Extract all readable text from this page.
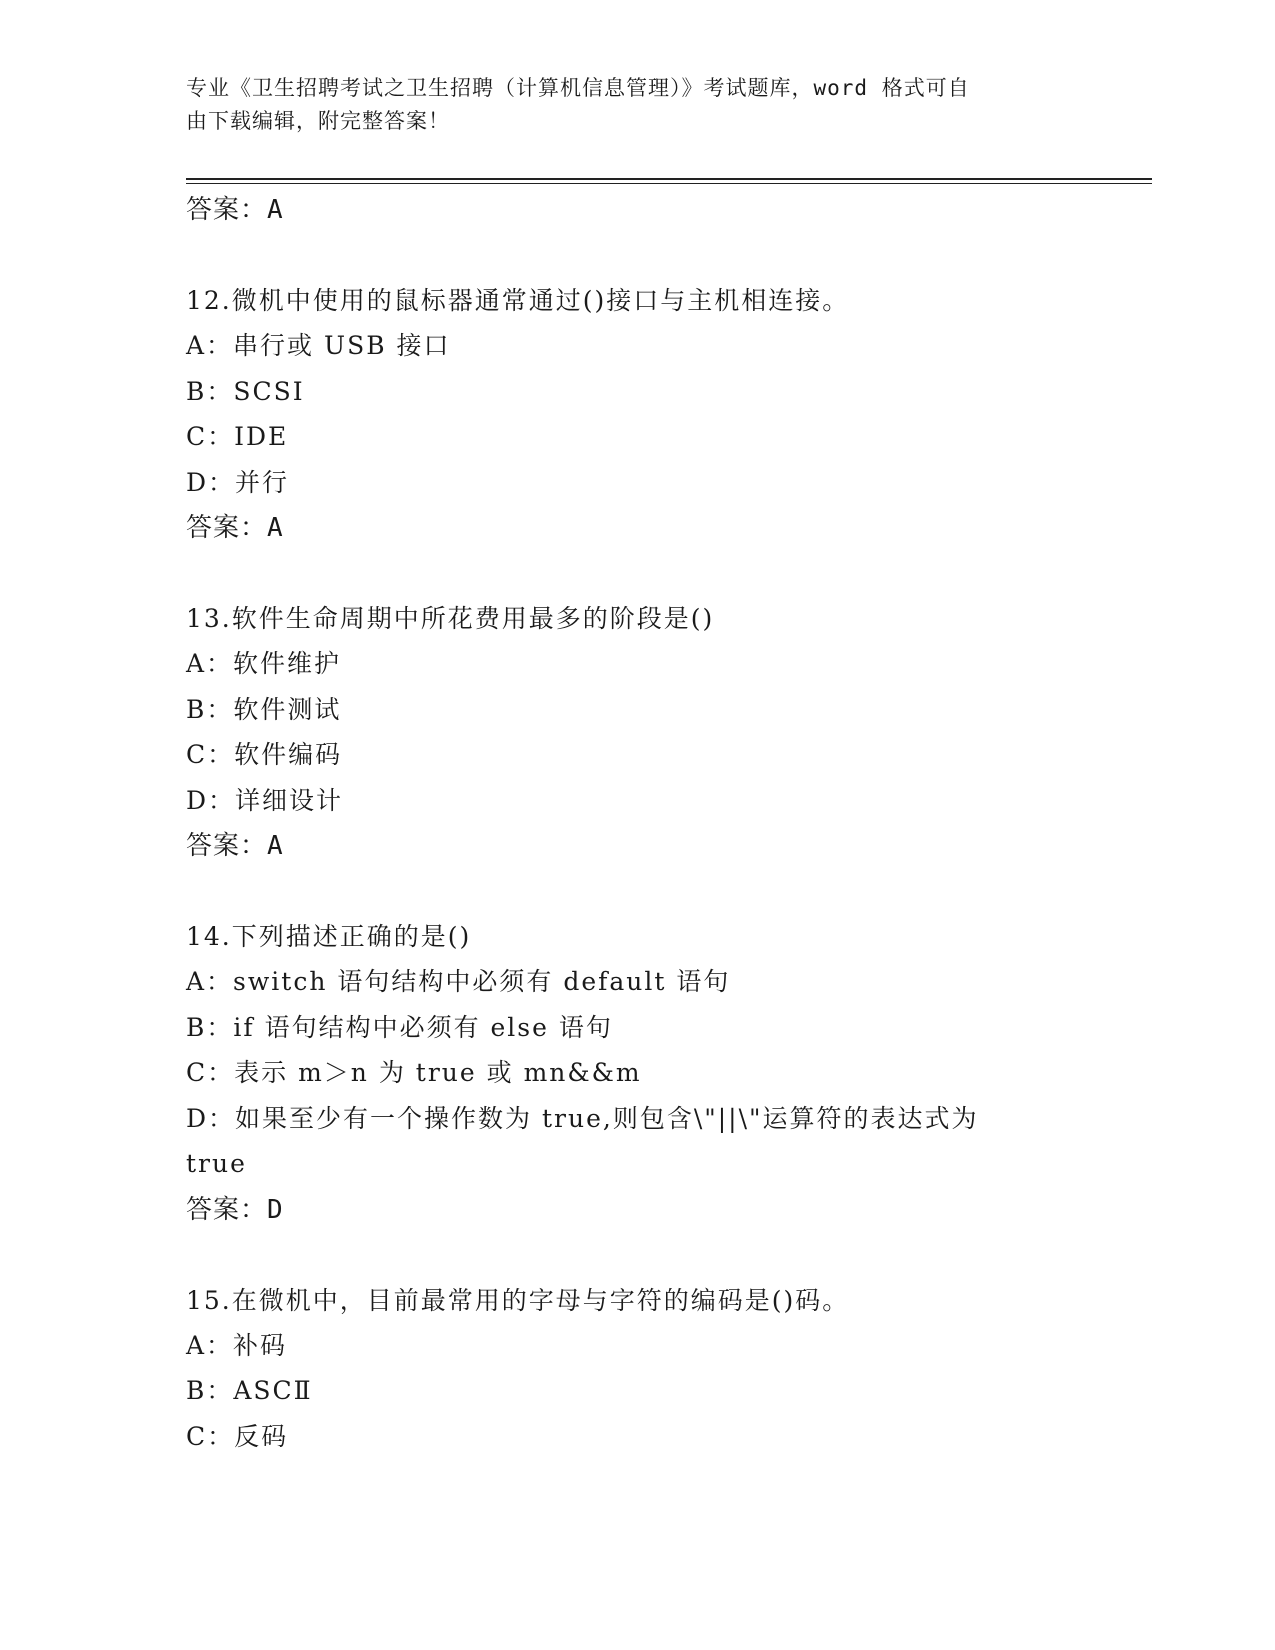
专业《卫生招聘考试之卫生招聘（计算机信息管理）》考试题库，word 格式可自
由下载编辑，附完整答案！
答案：A
12.微机中使用的鼠标器通常通过()接口与主机相连接。
A：串行或 USB 接口
B：SCSI
C：IDE
D：并行
答案：A
13.软件生命周期中所花费用最多的阶段是()
A：软件维护
B：软件测试
C：软件编码
D：详细设计
答案：A
14.下列描述正确的是()
A：switch 语句结构中必须有 default 语句
B：if 语句结构中必须有 else 语句
C：表示 m＞n 为 true 或 mn&&m
D：如果至少有一个操作数为 true,则包含\"||\"运算符的表达式为
true
答案：D
15.在微机中，目前最常用的字母与字符的编码是()码。
A：补码
B：ASCⅡ
C：反码
